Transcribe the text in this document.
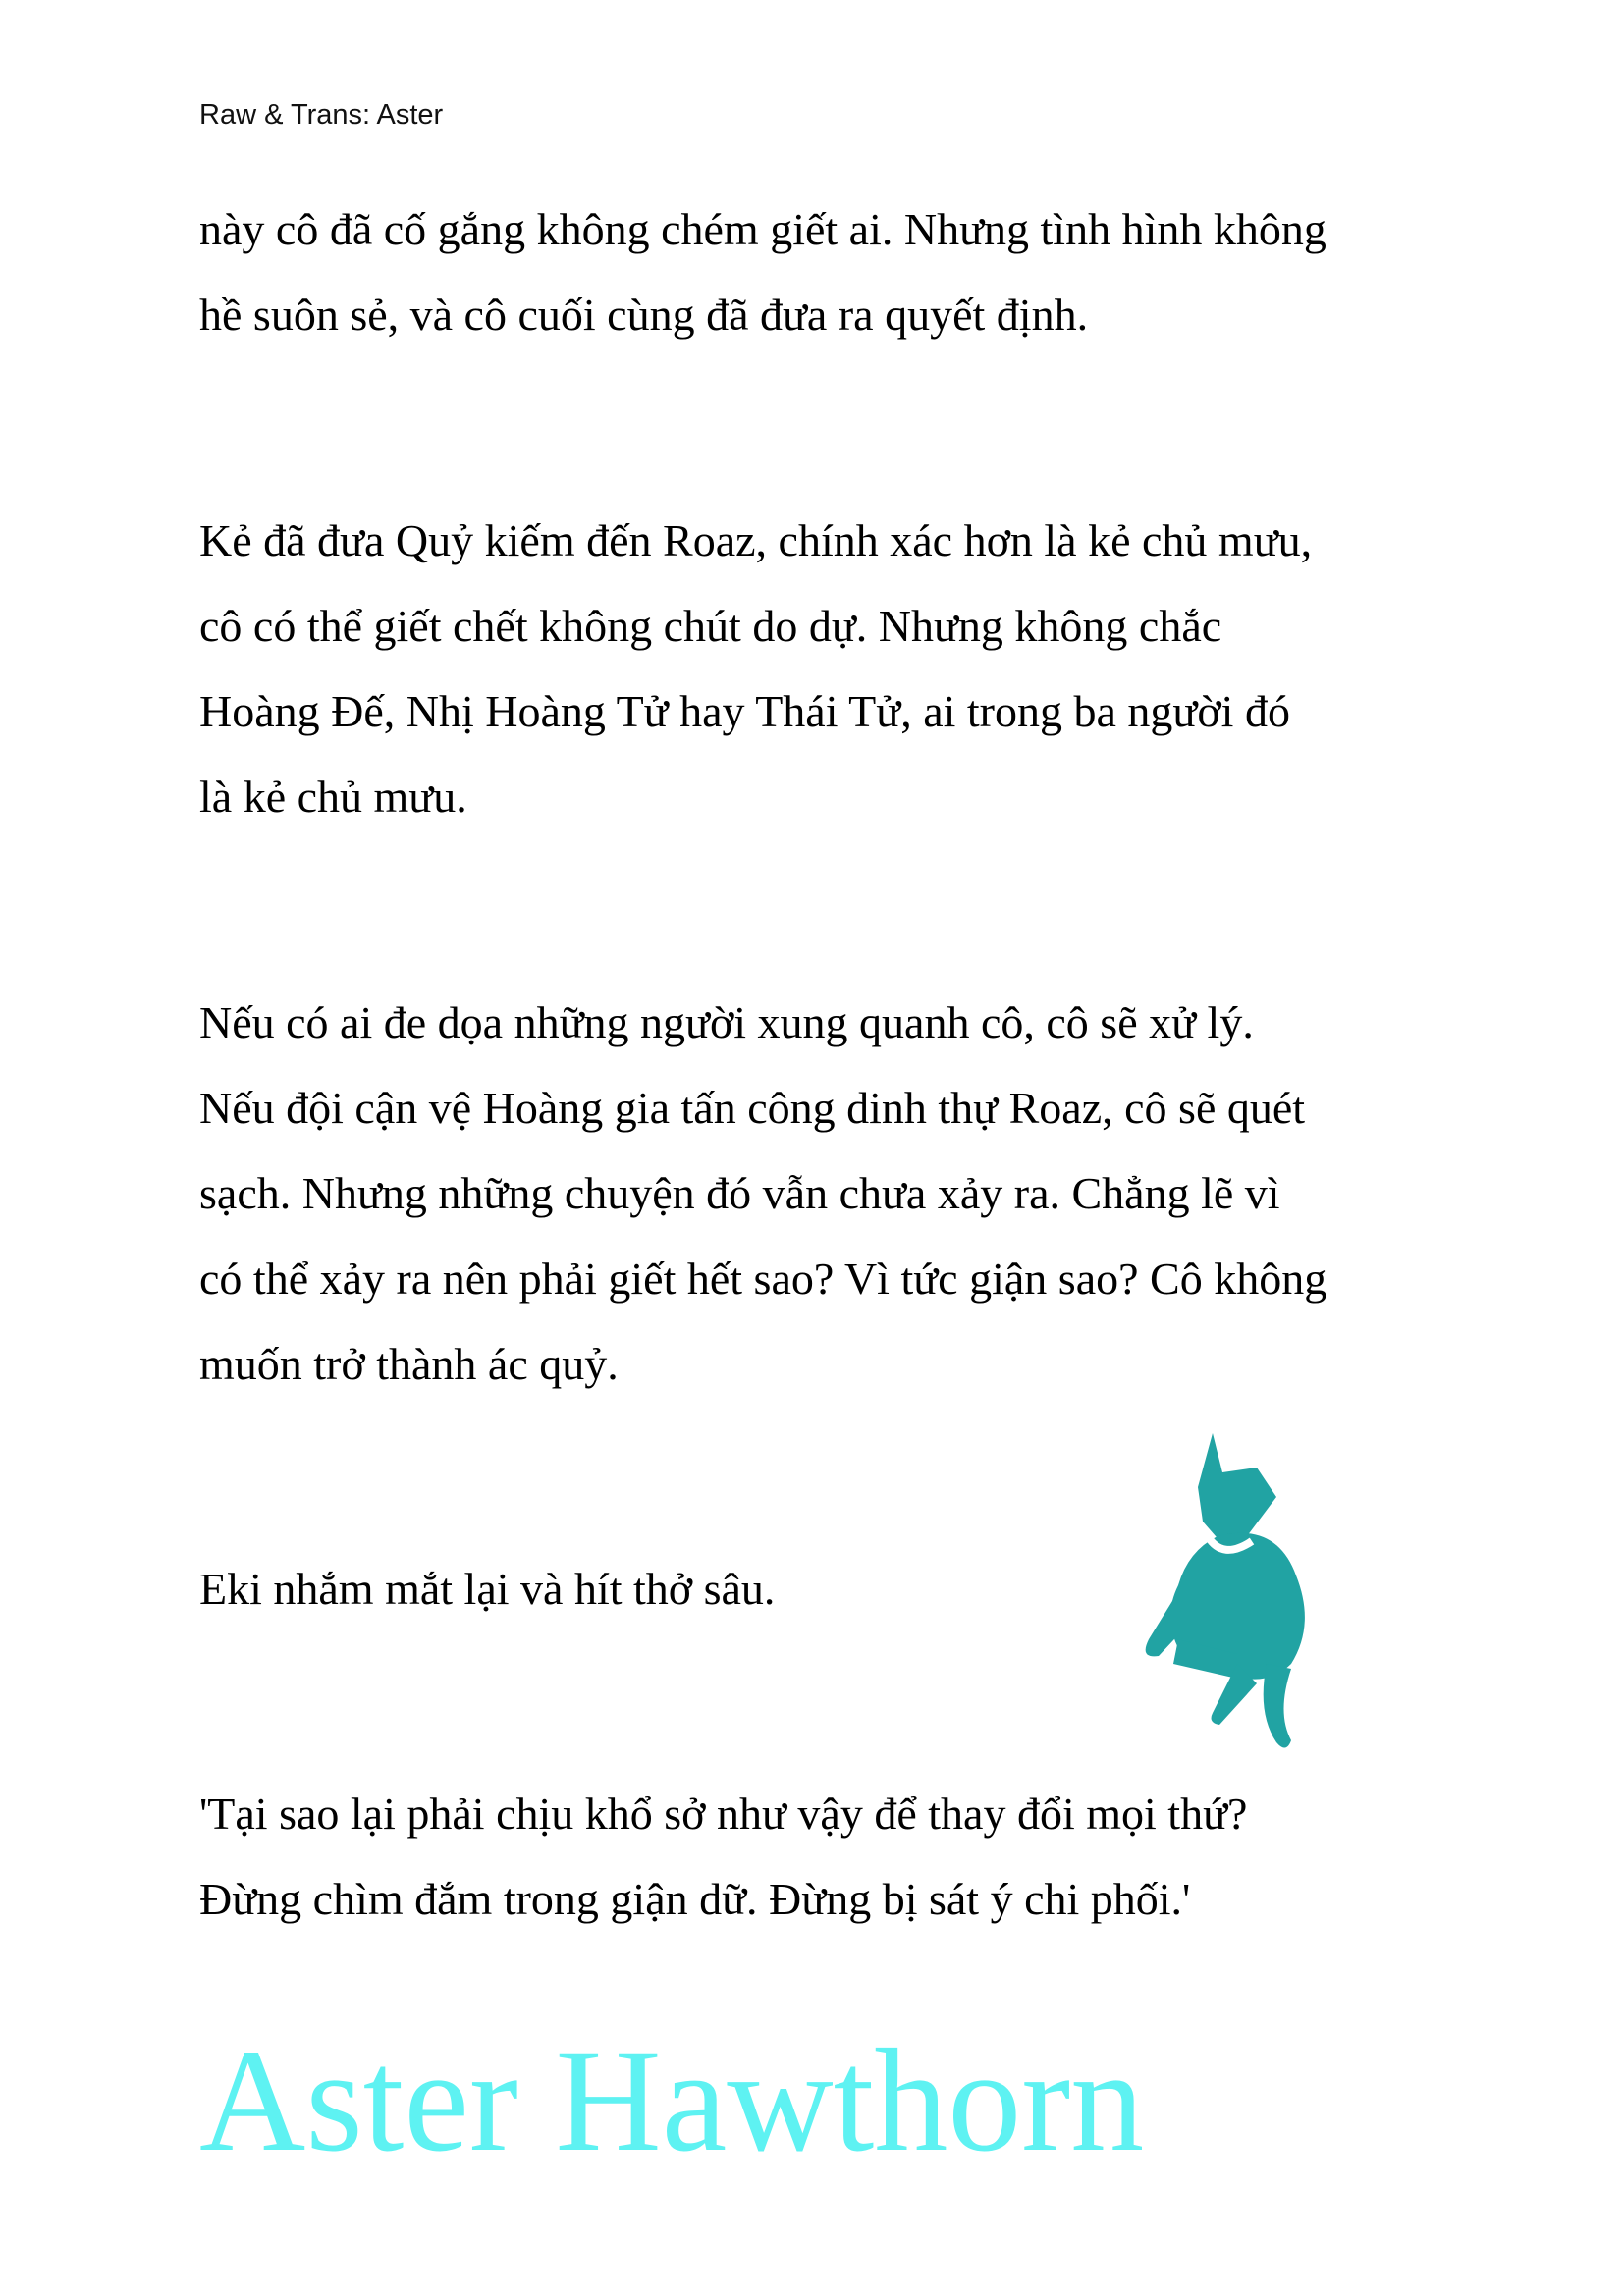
Raw & Trans: Aster
này cô đã cố gắng không chém giết ai. Nhưng tình hình không
hề suôn sẻ, và cô cuối cùng đã đưa ra quyết định.
Kẻ đã đưa Quỷ kiếm đến Roaz, chính xác hơn là kẻ chủ mưu,
cô có thể giết chết không chút do dự. Nhưng không chắc
Hoàng Đế, Nhị Hoàng Tử hay Thái Tử, ai trong ba người đó
là kẻ chủ mưu.
Nếu có ai đe dọa những người xung quanh cô, cô sẽ xử lý.
Nếu đội cận vệ Hoàng gia tấn công dinh thự Roaz, cô sẽ quét
sạch. Nhưng những chuyện đó vẫn chưa xảy ra. Chẳng lẽ vì
có thể xảy ra nên phải giết hết sao? Vì tức giận sao? Cô không
muốn trở thành ác quỷ.
Eki nhắm mắt lại và hít thở sâu.
'Tại sao lại phải chịu khổ sở như vậy để thay đổi mọi thứ?
Đừng chìm đắm trong giận dữ. Đừng bị sát ý chi phối.'
Aster Hawthorn
